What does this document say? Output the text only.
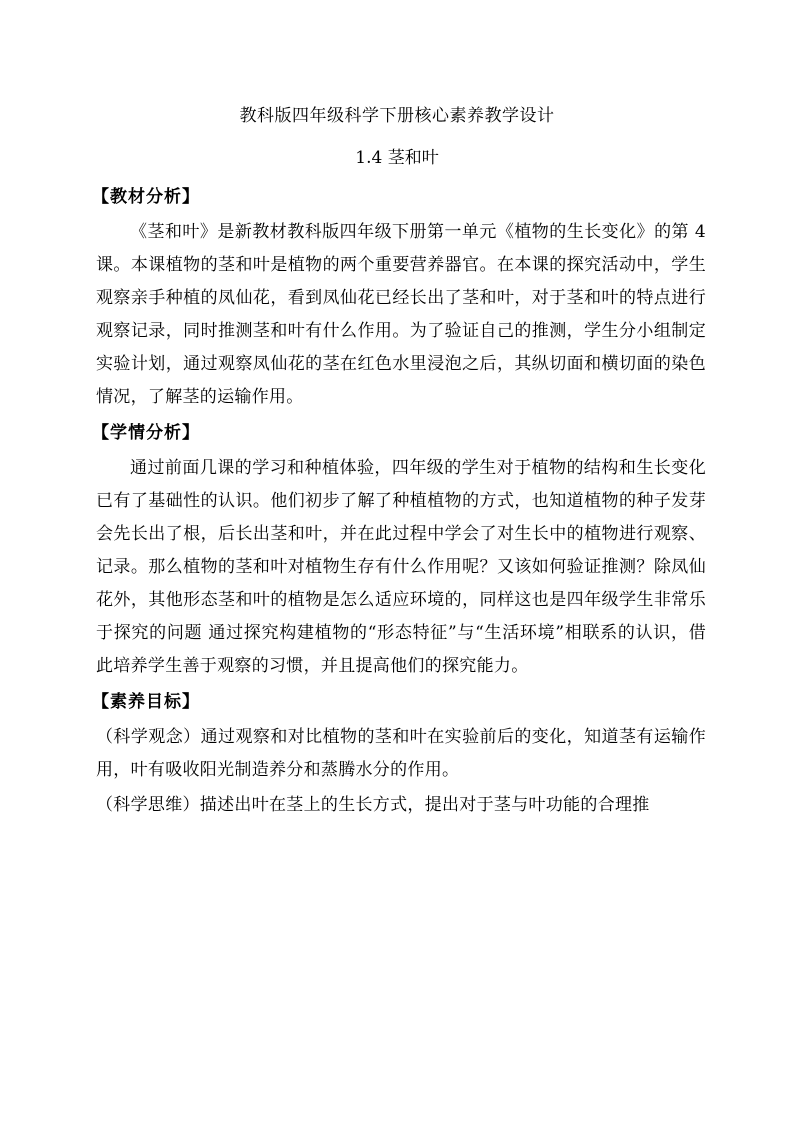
教科版四年级科学下册核心素养教学设计
1.4 茎和叶
【教材分析】

《茎和叶》是新教材教科版四年级下册第一单元《植物的生长变化》的第 4 课。本课植物的茎和叶是植物的两个重要营养器官。在本课的探究活动中，学生观察亲手种植的凤仙花，看到凤仙花已经长出了茎和叶，对于茎和叶的特点进行观察记录，同时推测茎和叶有什么作用。为了验证自己的推测，学生分小组制定实验计划，通过观察凤仙花的茎在红色水里浸泡之后，其纵切面和横切面的染色情况，了解茎的运输作用。

【学情分析】

通过前面几课的学习和种植体验，四年级的学生对于植物的结构和生长变化已有了基础性的认识。他们初步了解了种植植物的方式，也知道植物的种子发芽会先长出了根，后长出茎和叶，并在此过程中学会了对生长中的植物进行观察、记录。那么植物的茎和叶对植物生存有什么作用呢？又该如何验证推测？除凤仙花外，其他形态茎和叶的植物是怎么适应环境的，同样这也是四年级学生非常乐于探究的问题 通过探究构建植物的“形态特征”与“生活环境”相联系的认识，借此培养学生善于观察的习惯，并且提高他们的探究能力。

【素养目标】

（科学观念）通过观察和对比植物的茎和叶在实验前后的变化，知道茎有运输作用，叶有吸收阳光制造养分和蒸腾水分的作用。

（科学思维）描述出叶在茎上的生长方式，提出对于茎与叶功能的合理推
